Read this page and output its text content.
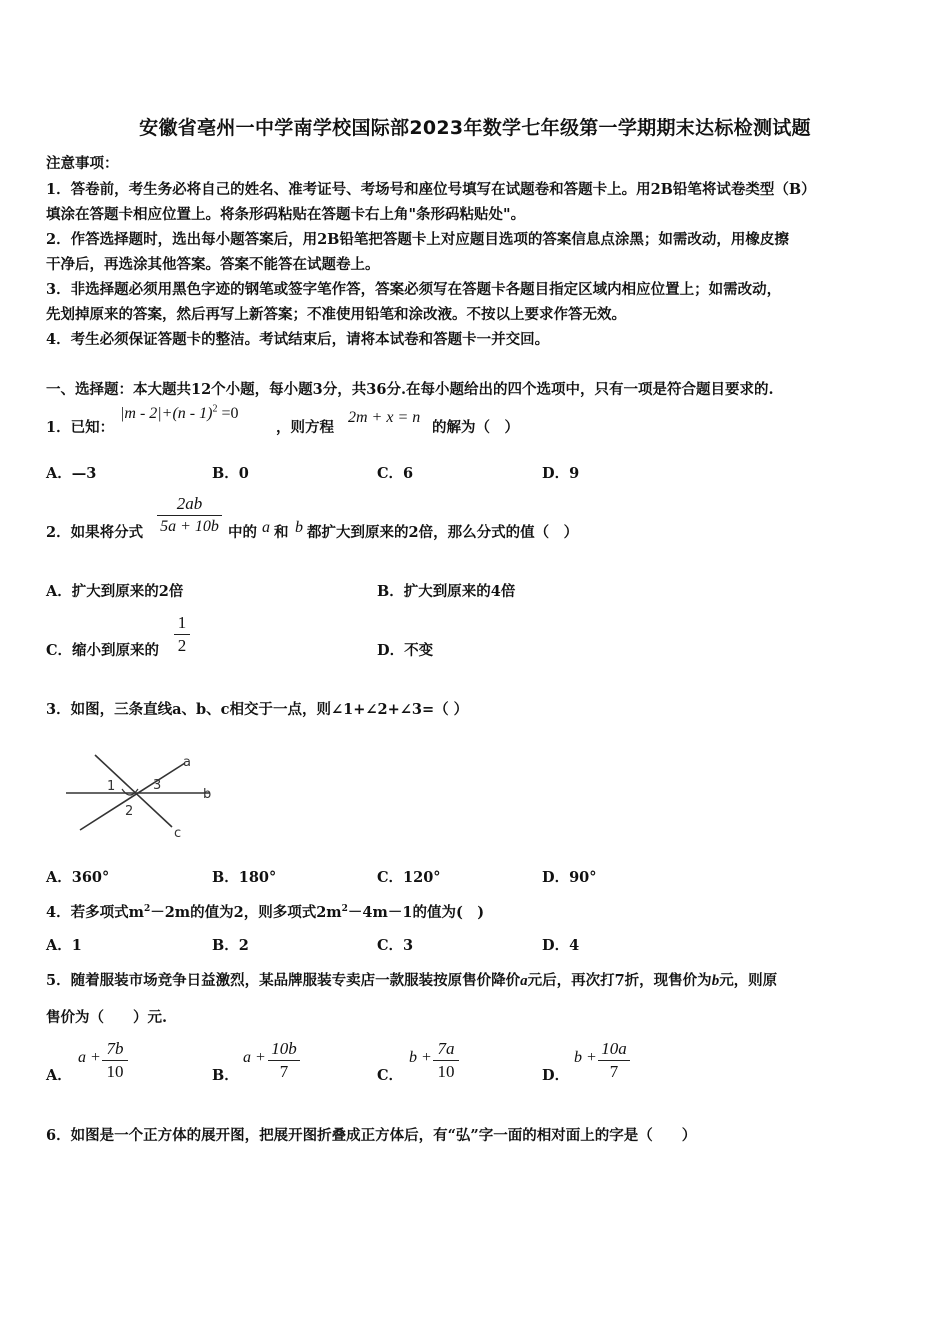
安徽省亳州一中学南学校国际部2023年数学七年级第一学期期末达标检测试题
注意事项：
1．答卷前，考生务必将自己的姓名、准考证号、考场号和座位号填写在试题卷和答题卡上。用2B铅笔将试卷类型（B）
填涂在答题卡相应位置上。将条形码粘贴在答题卡右上角"条形码粘贴处"。
2．作答选择题时，选出每小题答案后，用2B铅笔把答题卡上对应题目选项的答案信息点涂黑；如需改动，用橡皮擦
干净后，再选涂其他答案。答案不能答在试题卷上。
3．非选择题必须用黑色字迹的钢笔或签字笔作答，答案必须写在答题卡各题目指定区域内相应位置上；如需改动，
先划掉原来的答案，然后再写上新答案；不准使用铅笔和涂改液。不按以上要求作答无效。
4．考生必须保证答题卡的整洁。考试结束后，请将本试卷和答题卡一并交回。
一、选择题：本大题共12个小题，每小题3分，共36分.在每小题给出的四个选项中，只有一项是符合题目要求的.
1．已知：
|m - 2|+(n - 1)$^2$ =0
，则方程
2m + x = n
的解为（　）
A．—3	B．0	C．6	D．9
2．如果将分式
2ab
5a + 10b 中的 a 和 b 都扩大到原来的2倍，那么分式的值（　）
A．扩大到原来的2倍	B．扩大到原来的4倍
C．缩小到原来的
1
2	D．不变
3．如图，三条直线a、b、c相交于一点，则∠1+∠2+∠3=（ ）
a
b
c
1
2
3
A．360°	B．180°	C．120°	D．90°
4．若多项式$m^2-2m$的值为2，则多项式$2m^2-4m-1$的值为(　)
A．1	B．2	C．3	D．4
5．随着服装市场竞争日益激烈，某品牌服装专卖店一款服装按原售价降价a元后，再次打7折，现售价为b元，则原
售价为（　　）元.
A．
a + 7b
10	B．
a + 10b
7	C．
b + 7a
10	D．
b + 10a
7
6．如图是一个正方体的展开图，把展开图折叠成正方体后，有“弘”字一面的相对面上的字是（　　）
